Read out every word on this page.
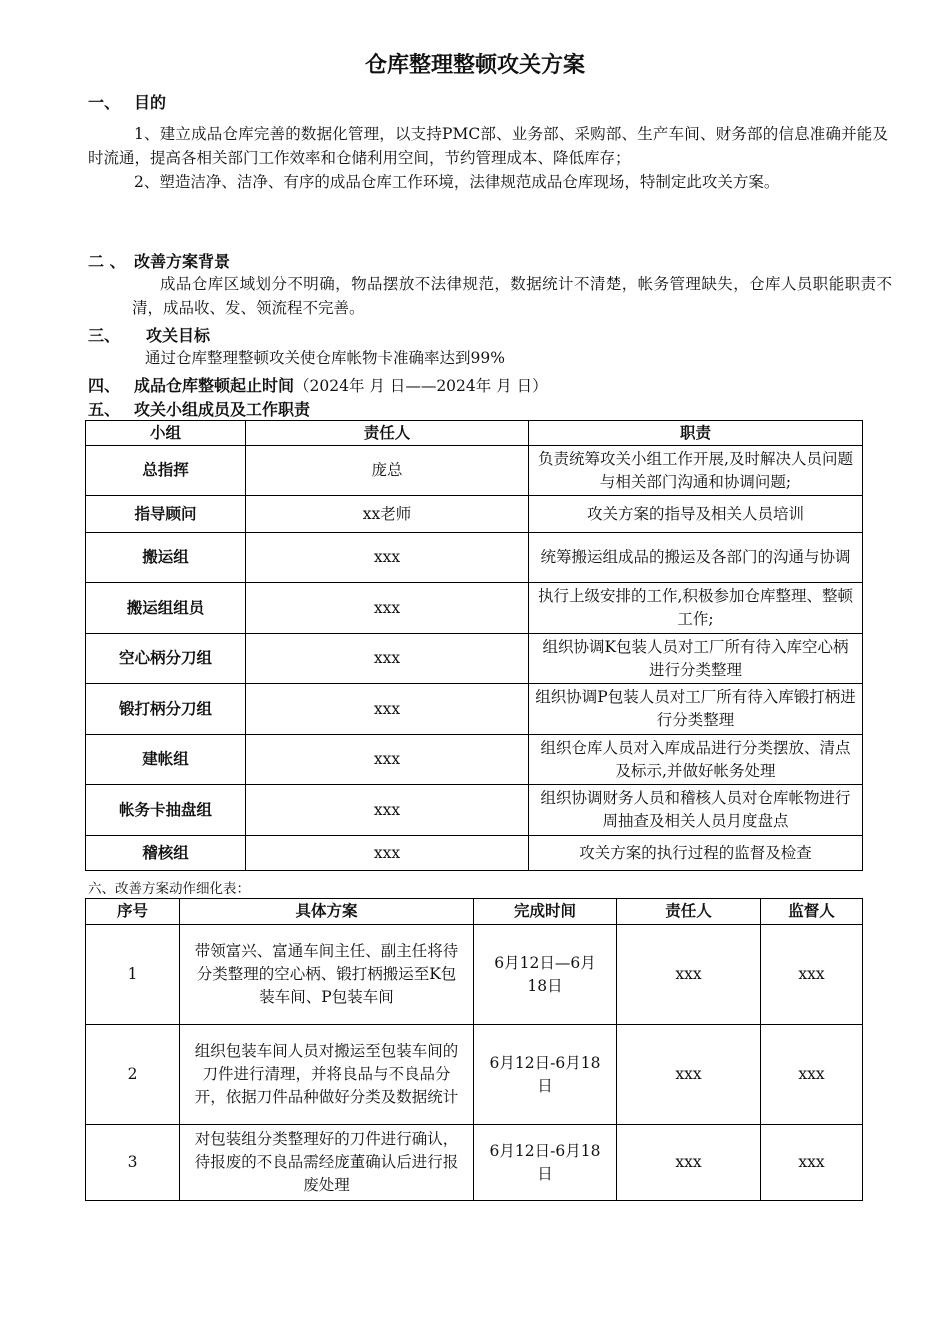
仓库整理整顿攻关方案
一、 目的

1、建立成品仓库完善的数据化管理，以支持PMC部、业务部、采购部、生产车间、财务部的信息准确并能及时流通，提高各相关部门工作效率和仓储利用空间，节约管理成本、降低库存；

2、塑造洁净、洁净、有序的成品仓库工作环境，法律规范成品仓库现场，特制定此攻关方案。

二 、 改善方案背景

成品仓库区域划分不明确，物品摆放不法律规范，数据统计不清楚，帐务管理缺失，仓库人员职能职责不清，成品收、发、领流程不完善。

三、 攻关目标
通过仓库整理整顿攻关使仓库帐物卡准确率达到99%
四、 成品仓库整顿起止时间（2024年 月 日——2024年 月 日）
五、 攻关小组成员及工作职责
小组	责任人	职责
总指挥	庞总	负责统筹攻关小组工作开展,及时解决人员问题与相关部门沟通和协调问题;
指导顾问	xx老师	攻关方案的指导及相关人员培训
搬运组	xxx	统筹搬运组成品的搬运及各部门的沟通与协调
搬运组组员	xxx	执行上级安排的工作,积极参加仓库整理、整顿工作;
空心柄分刀组	xxx	组织协调K包装人员对工厂所有待入库空心柄进行分类整理
锻打柄分刀组	xxx	组织协调P包装人员对工厂所有待入库锻打柄进行分类整理
建帐组	xxx	组织仓库人员对入库成品进行分类摆放、清点及标示,并做好帐务处理
帐务卡抽盘组	xxx	组织协调财务人员和稽核人员对仓库帐物进行周抽查及相关人员月度盘点
稽核组	xxx	攻关方案的执行过程的监督及检查
六、改善方案动作细化表：
序号	具体方案	完成时间	责任人	监督人
1	带领富兴、富通车间主任、副主任将待分类整理的空心柄、锻打柄搬运至K包装车间、P包装车间	6月12日—6月18日	xxx	xxx
2	组织包装车间人员对搬运至包装车间的刀件进行清理，并将良品与不良品分开，依据刀件品种做好分类及数据统计	6月12日-6月18日	xxx	xxx
3	对包装组分类整理好的刀件进行确认，待报废的不良品需经庞董确认后进行报废处理	6月12日-6月18日	xxx	xxx
